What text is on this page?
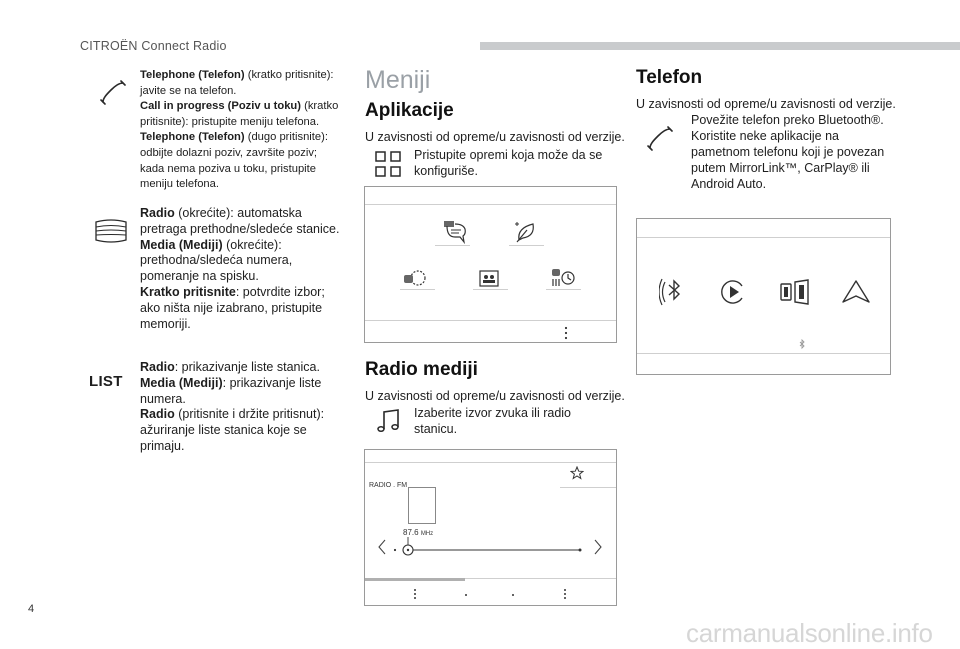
CITROËN Connect Radio
Telephone (Telefon) (kratko pritisnite): javite se na telefon.
Call in progress (Poziv u toku) (kratko pritisnite): pristupite meniju telefona.
Telephone (Telefon) (dugo pritisnite): odbijte dolazni poziv, završite poziv; kada nema poziva u toku, pristupite meniju telefona.
Radio (okrećite): automatska pretraga prethodne/sledeće stanice.
Media (Mediji) (okrećite): prethodna/sledeća numera, pomeranje na spisku.
Kratko pritisnite: potvrdite izbor; ako ništa nije izabrano, pristupite memoriji.
LIST
Radio: prikazivanje liste stanica.
Media (Mediji): prikazivanje liste numera.
Radio (pritisnite i držite pritisnut): ažuriranje liste stanica koje se primaju.
Meniji
Aplikacije
U zavisnosti od opreme/u zavisnosti od verzije.
Pristupite opremi koja može da se konfiguriše.
Radio mediji
U zavisnosti od opreme/u zavisnosti od verzije.
Izaberite izvor zvuka ili radio stanicu.
RADIO . FM
87.6 MHz
Telefon
U zavisnosti od opreme/u zavisnosti od verzije.
Povežite telefon preko Bluetooth®. Koristite neke aplikacije na pametnom telefonu koji je povezan putem MirrorLink™, CarPlay® ili Android Auto.
4
carmanualsonline.info
